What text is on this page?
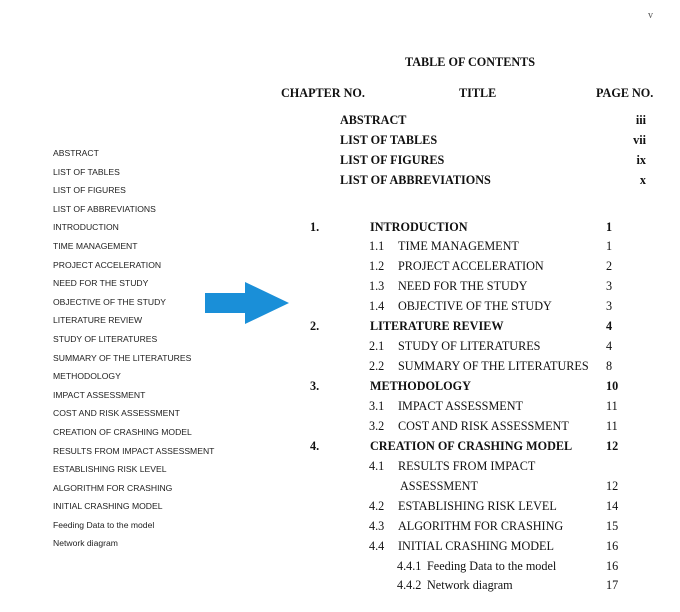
v
ABSTRACT
LIST OF TABLES
LIST OF FIGURES
LIST OF ABBREVIATIONS
INTRODUCTION
TIME MANAGEMENT
PROJECT ACCELERATION
NEED FOR THE STUDY
OBJECTIVE OF THE STUDY
LITERATURE REVIEW
STUDY OF LITERATURES
SUMMARY OF THE LITERATURES
METHODOLOGY
IMPACT ASSESSMENT
COST AND RISK ASSESSMENT
CREATION OF CRASHING MODEL
RESULTS FROM IMPACT ASSESSMENT
ESTABLISHING RISK LEVEL
ALGORITHM FOR CRASHING
INITIAL CRASHING MODEL
Feeding Data to the model
Network diagram
TABLE OF CONTENTS
CHAPTER NO.	TITLE	PAGE NO.
ABSTRACT	iii
LIST OF TABLES	vii
LIST OF FIGURES	ix
LIST OF ABBREVIATIONS	x
1.	INTRODUCTION	1
1.1 TIME MANAGEMENT	1
1.2 PROJECT ACCELERATION	2
1.3 NEED FOR THE STUDY	3
1.4 OBJECTIVE OF THE STUDY	3
2.	LITERATURE REVIEW	4
2.1 STUDY OF LITERATURES	4
2.2 SUMMARY OF THE LITERATURES 8
3.	METHODOLOGY	10
3.1 IMPACT ASSESSMENT	11
3.2 COST AND RISK ASSESSMENT	11
4.	CREATION OF CRASHING MODEL	12
4.1 RESULTS FROM IMPACT
ASSESSMENT	12
4.2 ESTABLISHING RISK LEVEL	14
4.3 ALGORITHM FOR CRASHING	15
4.4 INITIAL CRASHING MODEL	16
4.4.1 Feeding Data to the model	16
4.4.2 Network diagram	17
